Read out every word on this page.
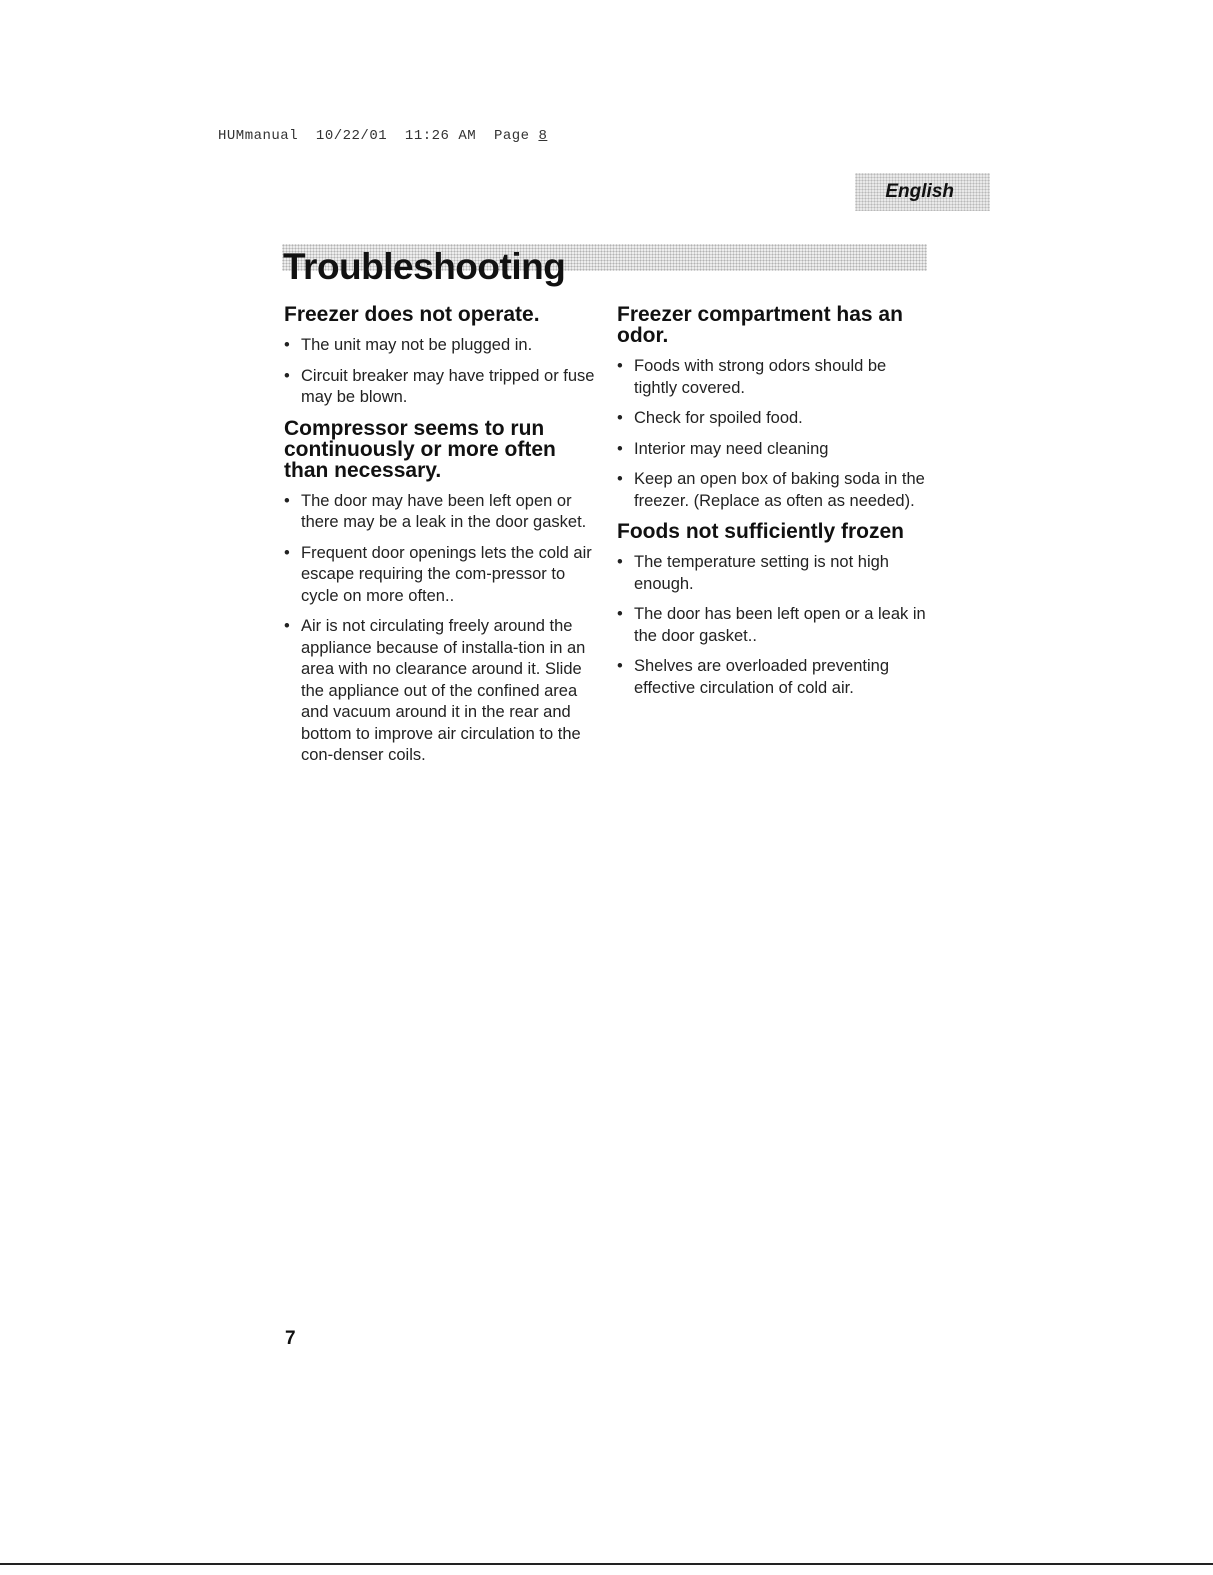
HUMmanual  10/22/01  11:26 AM  Page 8
English
Troubleshooting
Freezer does not operate.
• The unit may not be plugged in.
• Circuit breaker may have tripped or fuse may be blown.
Compressor seems to run continuously or more often than necessary.
• The door may have been left open or there may be a leak in the door gasket.
• Frequent door openings lets the cold air escape requiring the com-pressor to cycle on more often..
• Air is not circulating freely around the appliance because of installa-tion in an area with no clearance around it. Slide the appliance out of the confined area and vacuum around it in the rear and bottom to improve air circulation to the con-denser coils.
Freezer compartment has an odor.
• Foods with strong odors should be tightly covered.
• Check for spoiled food.
• Interior may need cleaning
• Keep an open box of baking soda in the freezer. (Replace as often as needed).
Foods not sufficiently frozen
• The temperature setting is not high enough.
• The door has been left open or a leak in the door gasket..
• Shelves are overloaded preventing effective circulation of cold air.
7
